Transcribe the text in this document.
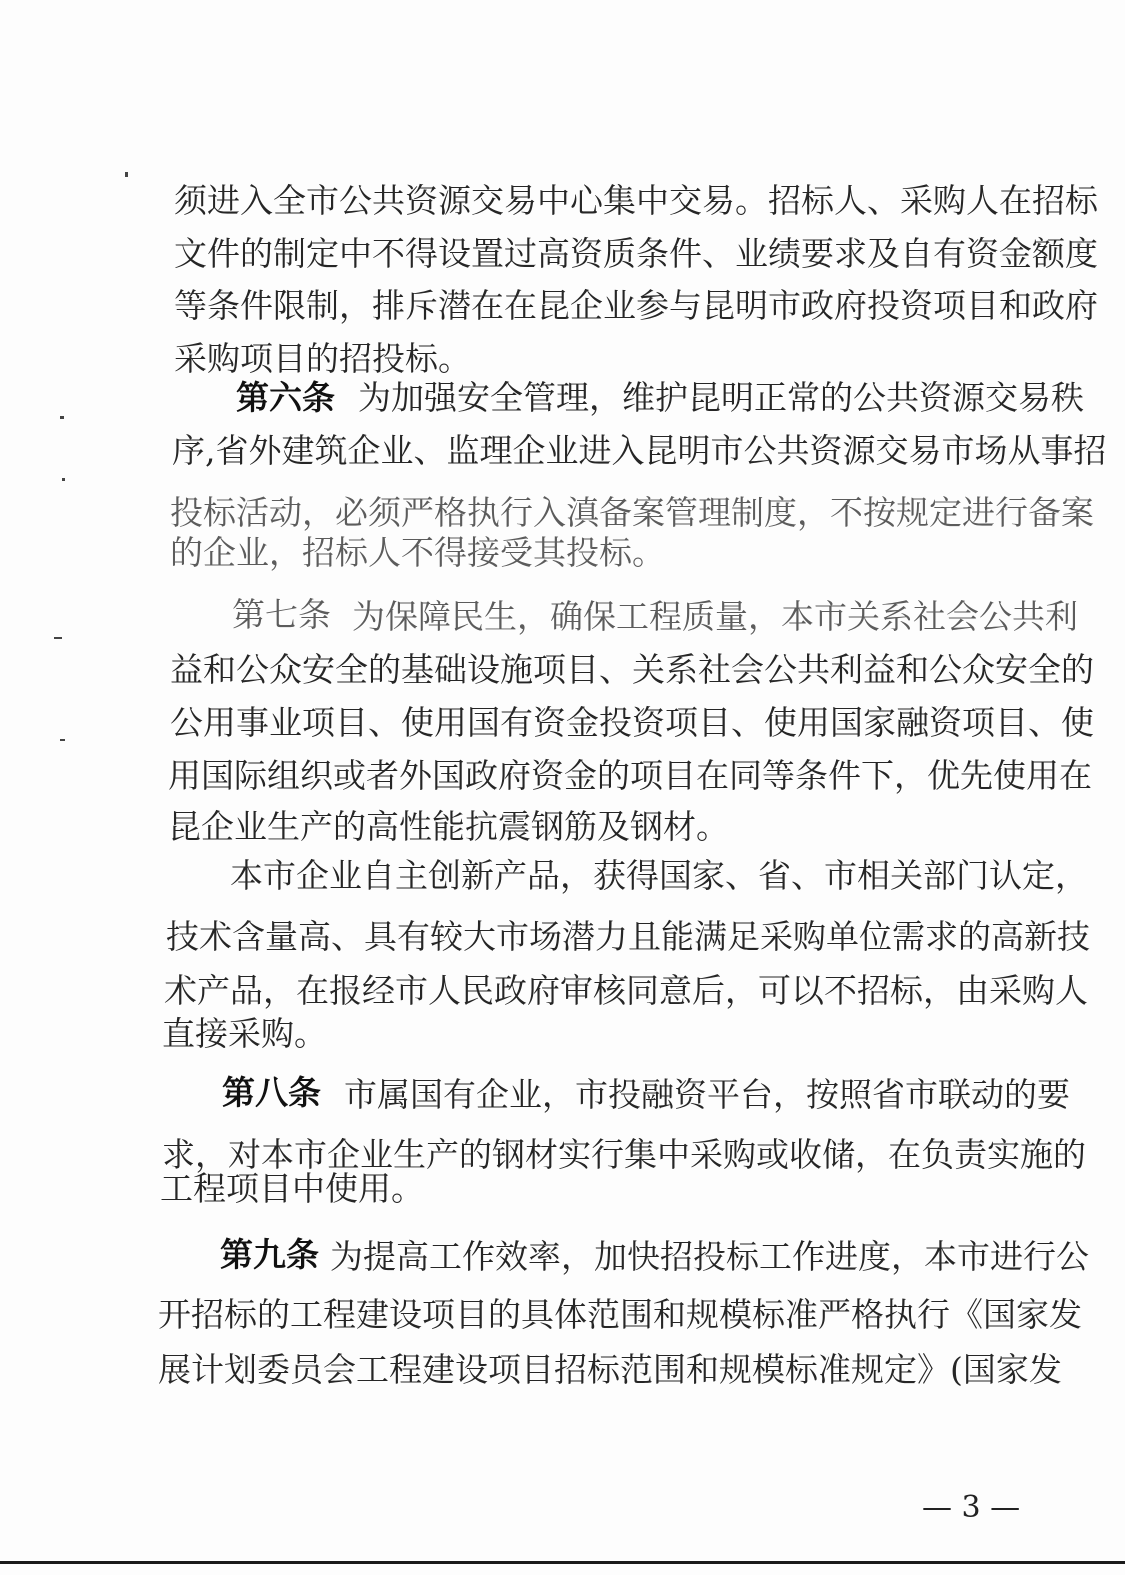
须进入全市公共资源交易中心集中交易。招标人、采购人在招标
文件的制定中不得设置过高资质条件、业绩要求及自有资金额度
等条件限制，排斥潜在在昆企业参与昆明市政府投资项目和政府
采购项目的招投标。
第六条 为加强安全管理，维护昆明正常的公共资源交易秩
序,省外建筑企业、监理企业进入昆明市公共资源交易市场从事招
投标活动，必须严格执行入滇备案管理制度，不按规定进行备案
的企业，招标人不得接受其投标。
第七条 为保障民生，确保工程质量，本市关系社会公共利
益和公众安全的基础设施项目、关系社会公共利益和公众安全的
公用事业项目、使用国有资金投资项目、使用国家融资项目、使
用国际组织或者外国政府资金的项目在同等条件下，优先使用在
昆企业生产的高性能抗震钢筋及钢材。
本市企业自主创新产品，获得国家、省、市相关部门认定，
技术含量高、具有较大市场潜力且能满足采购单位需求的高新技
术产品，在报经市人民政府审核同意后，可以不招标，由采购人
直接采购。
第八条 市属国有企业，市投融资平台，按照省市联动的要
求，对本市企业生产的钢材实行集中采购或收储，在负责实施的
工程项目中使用。
第九条 为提高工作效率，加快招投标工作进度，本市进行公
开招标的工程建设项目的具体范围和规模标准严格执行《国家发
展计划委员会工程建设项目招标范围和规模标准规定》(国家发
— 3 —
